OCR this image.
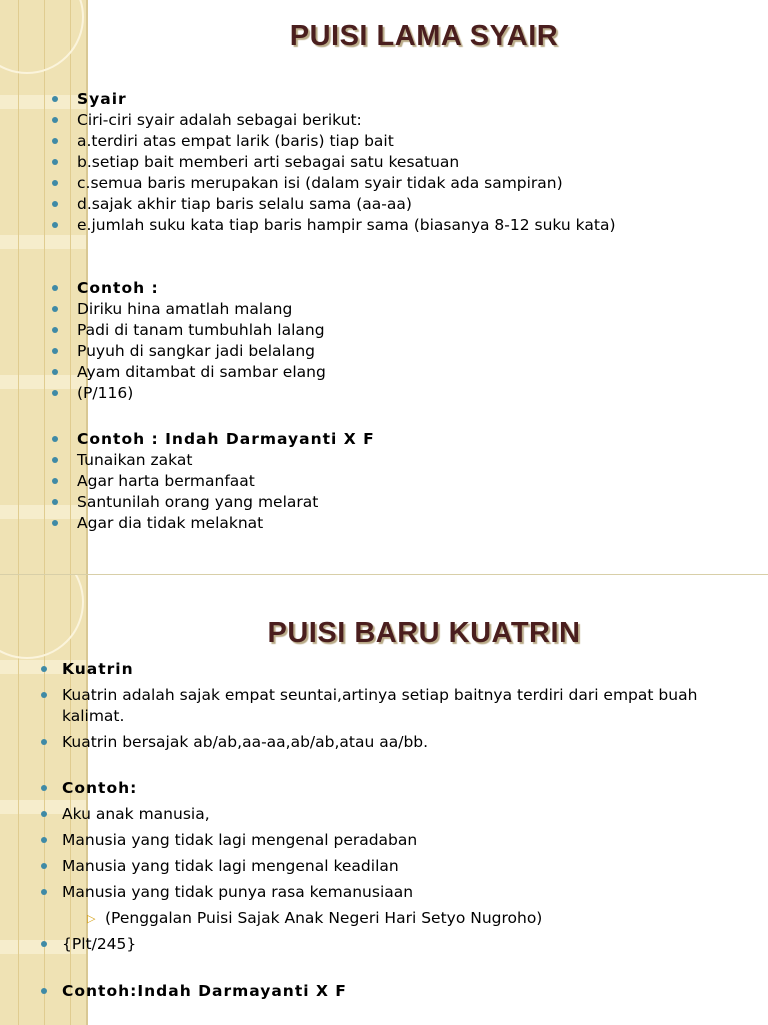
PUISI LAMA SYAIR
Syair
Ciri-ciri syair adalah sebagai berikut:
a.terdiri atas empat larik (baris) tiap bait
b.setiap bait memberi arti sebagai satu kesatuan
c.semua baris merupakan isi (dalam syair tidak ada sampiran)
d.sajak akhir tiap baris selalu sama (aa-aa)
e.jumlah suku kata tiap baris hampir sama (biasanya 8-12 suku kata)
Contoh :
Diriku hina amatlah malang
Padi di tanam tumbuhlah lalang
Puyuh di sangkar jadi belalang
Ayam ditambat di sambar elang
(P/116)
Contoh : Indah Darmayanti X F
Tunaikan zakat
Agar harta bermanfaat
Santunilah orang yang melarat
Agar dia tidak melaknat
PUISI BARU KUATRIN
Kuatrin
Kuatrin adalah sajak empat seuntai,artinya setiap baitnya terdiri dari empat buah kalimat.
Kuatrin bersajak ab/ab,aa-aa,ab/ab,atau aa/bb.
Contoh:
Aku anak manusia,
Manusia yang tidak lagi mengenal peradaban
Manusia yang tidak lagi mengenal keadilan
Manusia yang tidak punya rasa kemanusiaan
▷ (Penggalan Puisi Sajak Anak Negeri Hari Setyo Nugroho)
{Plt/245}
Contoh:Indah Darmayanti X F
